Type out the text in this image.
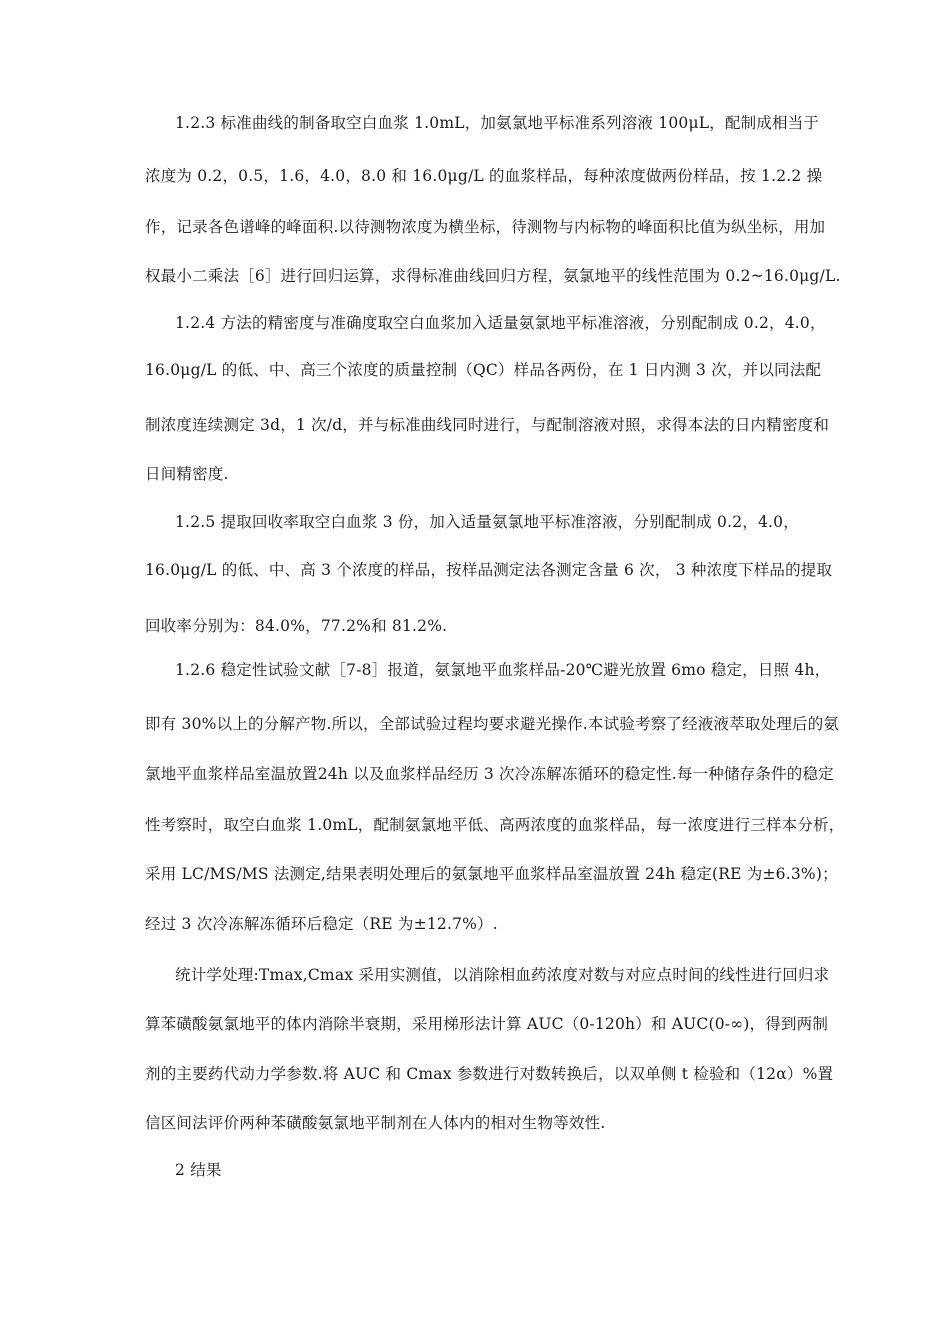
1.2.3 标准曲线的制备取空白血浆 1.0mL，加氨氯地平标准系列溶液 100μL，配制成相当于
浓度为 0.2，0.5，1.6，4.0，8.0 和 16.0μg/L 的血浆样品，每种浓度做两份样品，按 1.2.2 操
作，记录各色谱峰的峰面积.以待测物浓度为横坐标，待测物与内标物的峰面积比值为纵坐标，用加
权最小二乘法［6］进行回归运算，求得标准曲线回归方程，氨氯地平的线性范围为 0.2~16.0μg/L.
1.2.4 方法的精密度与准确度取空白血浆加入适量氨氯地平标准溶液，分别配制成 0.2，4.0，
16.0μg/L 的低、中、高三个浓度的质量控制（QC）样品各两份，在 1 日内测 3 次，并以同法配
制浓度连续测定 3d，1 次/d，并与标准曲线同时进行，与配制溶液对照，求得本法的日内精密度和
日间精密度.
1.2.5 提取回收率取空白血浆 3 份，加入适量氨氯地平标准溶液，分别配制成 0.2，4.0，
16.0μg/L 的低、中、高 3 个浓度的样品，按样品测定法各测定含量 6 次， 3 种浓度下样品的提取
回收率分别为：84.0%，77.2%和 81.2%.
1.2.6 稳定性试验文献［7-8］报道，氨氯地平血浆样品-20℃避光放置 6mo 稳定，日照 4h，
即有 30%以上的分解产物.所以，全部试验过程均要求避光操作.本试验考察了经液液萃取处理后的氨
氯地平血浆样品室温放置24h 以及血浆样品经历 3 次冷冻解冻循环的稳定性.每一种储存条件的稳定
性考察时，取空白血浆 1.0mL，配制氨氯地平低、高两浓度的血浆样品，每一浓度进行三样本分析，
采用 LC/MS/MS 法测定,结果表明处理后的氨氯地平血浆样品室温放置 24h 稳定(RE 为±6.3%)；
经过 3 次冷冻解冻循环后稳定（RE 为±12.7%）.
统计学处理:Tmax,Cmax 采用实测值，以消除相血药浓度对数与对应点时间的线性进行回归求
算苯磺酸氨氯地平的体内消除半衰期，采用梯形法计算 AUC（0-120h）和 AUC(0-∞)，得到两制
剂的主要药代动力学参数.将 AUC 和 Cmax 参数进行对数转换后，以双单侧 t 检验和（12α）%置
信区间法评价两种苯磺酸氨氯地平制剂在人体内的相对生物等效性.
2 结果
